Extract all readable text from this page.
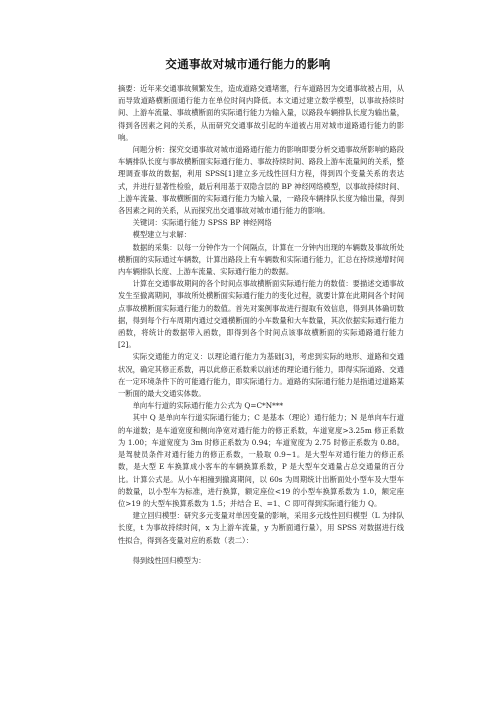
交通事故对城市通行能力的影响

摘要：近年来交通事故频繁发生，造成道路交通堵塞，行车道路因为交通事故被占用，从而导致道路横断面通行能力在单位时间内降低。本文通过建立数学模型，以事故持续时间、上游车流量、事故横断面的实际通行能力为输入量，以路段车辆排队长度为输出量，得到各因素之间的关系，从而研究交通事故引起的车道被占用对城市道路通行能力的影响。

问题分析：探究交通事故对城市道路通行能力的影响即要分析交通事故所影响的路段车辆排队长度与事故横断面实际通行能力、事故持续时间、路段上游车流量间的关系，整理调查事故的数据，利用 SPSS[1]建立多元线性回归方程，得到四个变量关系的表达式，并进行显著性检验，最后利用基于双隐含层的 BP 神经网络模型，以事故持续时间、上游车流量、事故横断面的实际通行能力为输入量，一路段车辆排队长度为输出量，得到各因素之间的关系，从而探究出交通事故对城市通行能力的影响。

关键词：实际通行能力 SPSS BP 神经网络

模型建立与求解：

数据的采集：以每一分钟作为一个间隔点，计算在一分钟内出现的车辆数及事故所处横断面的实际通过车辆数，计算出路段上有车辆数和实际通行能力，汇总在持续递增时间内车辆排队长度、上游车流量、实际通行能力的数据。

计算在交通事故期间的各个时间点事故横断面实际通行能力的数值：要描述交通事故发生至撤离期间，事故所处横断面实际通行能力的变化过程，就要计算在此期间各个时间点事故横断面实际通行能力的数值。首先对案例事故进行提取有效信息，得到具体确切数据，得到每个行车周期内通过交通横断面的小车数量和大车数量，其次依据实际通行能力函数，将统计的数据带入函数，即得到各个时间点该事故横断面的实际通路通行能力[2]。

实际交通能力的定义：以理论通行能力为基础[3]，考虑到实际的地形、道路和交通状况，确定其修正系数，再以此修正系数乘以前述的理论通行能力，即得实际道路、交通在一定环境条件下的可能通行能力，即实际通行力。道路的实际通行能力是指通过道路某一断面的最大交通实体数。

单向车行道的实际通行能力公式为 Q=C*N***

其中 Q 是单向车行道实际通行能力；C 是基本（理论）通行能力；N 是单向车行道的车道数；是车道宽度和侧向净宽对通行能力的修正系数，车道宽度>3.25m 修正系数为 1.00；车道宽度为 3m 时修正系数为 0.94；车道宽度为 2.75 时修正系数为 0.88。是驾驶员条件对通行能力的修正系数，一般取 0.9~1。是大型车对通行能力的修正系数，是大型 E 车换算成小客车的车辆换算系数，P 是大型车交通量占总交通量的百分比。计算公式是。从小车相撞到撤离期间，以 60s 为周期统计出断面处小型车及大型车的数量，以小型车为标准，进行换算，额定座位<19 的小型车换算系数为 1.0，额定座位>19 的大型车换算系数为 1.5；并结合 E、=1、C 即可得到实际通行能力 Q。

建立回归模型：研究多元变量对单因变量的影响，采用多元线性回归模型（L 为排队长度，t 为事故持续时间，x 为上游车流量，y 为断面通行量），用 SPSS 对数据进行线性拟合，得到各变量对应的系数（表二）：

得到线性回归模型为：
